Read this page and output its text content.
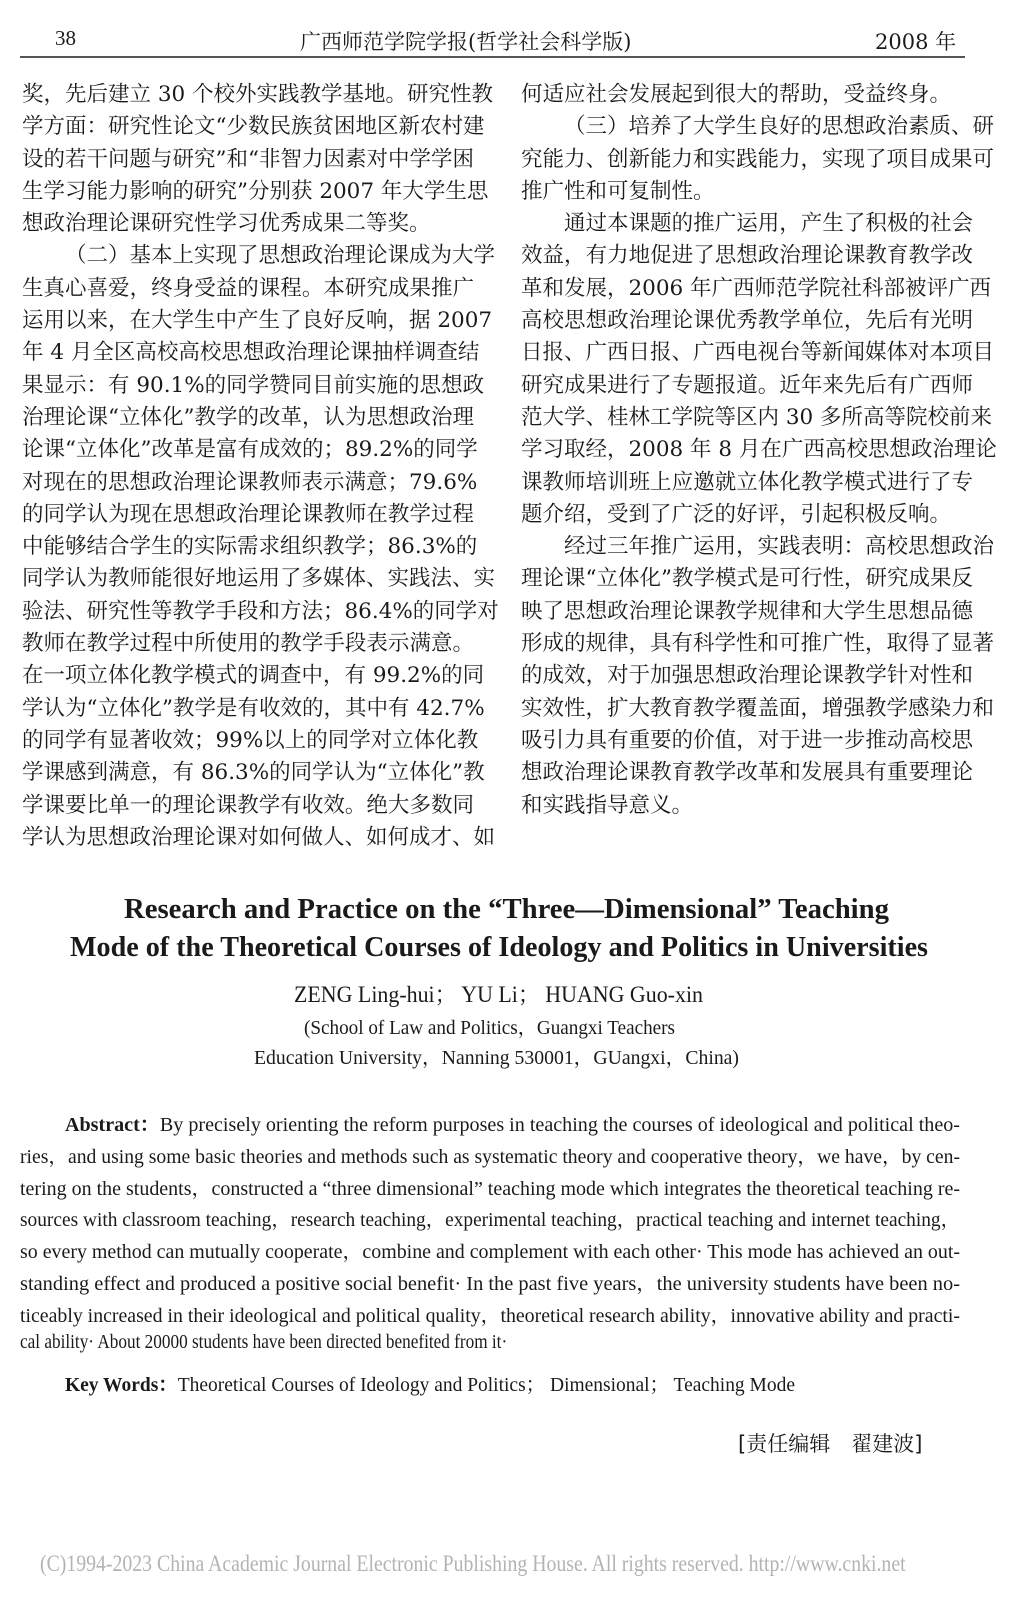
38	广西师范学院学报(哲学社会科学版)	2008 年
奖，先后建立 30 个校外实践教学基地。研究性教
学方面：研究性论文“少数民族贫困地区新农村建
设的若干问题与研究”和“非智力因素对中学学困
生学习能力影响的研究”分别获 2007 年大学生思
想政治理论课研究性学习优秀成果二等奖。
（二）基本上实现了思想政治理论课成为大学
生真心喜爱，终身受益的课程。本研究成果推广
运用以来，在大学生中产生了良好反响，据 2007
年 4 月全区高校高校思想政治理论课抽样调查结
果显示：有 90.1%的同学赞同目前实施的思想政
治理论课“立体化”教学的改革，认为思想政治理
论课“立体化”改革是富有成效的；89.2%的同学
对现在的思想政治理论课教师表示满意；79.6%
的同学认为现在思想政治理论课教师在教学过程
中能够结合学生的实际需求组织教学；86.3%的
同学认为教师能很好地运用了多媒体、实践法、实
验法、研究性等教学手段和方法；86.4%的同学对
教师在教学过程中所使用的教学手段表示满意。
在一项立体化教学模式的调查中，有 99.2%的同
学认为“立体化”教学是有收效的，其中有 42.7%
的同学有显著收效；99%以上的同学对立体化教
学课感到满意，有 86.3%的同学认为“立体化”教
学课要比单一的理论课教学有收效。绝大多数同
学认为思想政治理论课对如何做人、如何成才、如
何适应社会发展起到很大的帮助，受益终身。
（三）培养了大学生良好的思想政治素质、研
究能力、创新能力和实践能力，实现了项目成果可
推广性和可复制性。
通过本课题的推广运用，产生了积极的社会
效益，有力地促进了思想政治理论课教育教学改
革和发展，2006 年广西师范学院社科部被评广西
高校思想政治理论课优秀教学单位，先后有光明
日报、广西日报、广西电视台等新闻媒体对本项目
研究成果进行了专题报道。近年来先后有广西师
范大学、桂林工学院等区内 30 多所高等院校前来
学习取经，2008 年 8 月在广西高校思想政治理论
课教师培训班上应邀就立体化教学模式进行了专
题介绍，受到了广泛的好评，引起积极反响。
经过三年推广运用，实践表明：高校思想政治
理论课“立体化”教学模式是可行性，研究成果反
映了思想政治理论课教学规律和大学生思想品德
形成的规律，具有科学性和可推广性，取得了显著
的成效，对于加强思想政治理论课教学针对性和
实效性，扩大教育教学覆盖面，增强教学感染力和
吸引力具有重要的价值，对于进一步推动高校思
想政治理论课教育教学改革和发展具有重要理论
和实践指导意义。
Research and Practice on the “Three—Dimensional” Teaching
Mode of the Theoretical Courses of Ideology and Politics in Universities
ZENG Ling-hui； YU Li； HUANG Guo-xin
(School of Law and Politics，Guangxi Teachers
Education University，Nanning 530001，GUangxi，China)
Abstract：By precisely orienting the reform purposes in teaching the courses of ideological and political theo-
ries，and using some basic theories and methods such as systematic theory and cooperative theory，we have，by cen-
tering on the students，constructed a “three dimensional” teaching mode which integrates the theoretical teaching re-
sources with classroom teaching，research teaching，experimental teaching，practical teaching and internet teaching，
so every method can mutually cooperate，combine and complement with each other· This mode has achieved an out-
standing effect and produced a positive social benefit· In the past five years，the university students have been no-
ticeably increased in their ideological and political quality，theoretical research ability，innovative ability and practi-
cal ability· About 20000 students have been directed benefited from it·
Key Words：Theoretical Courses of Ideology and Politics； Dimensional； Teaching Mode
[责任编辑　翟建波]
(C)1994-2023 China Academic Journal Electronic Publishing House. All rights reserved. http://www.cnki.net
